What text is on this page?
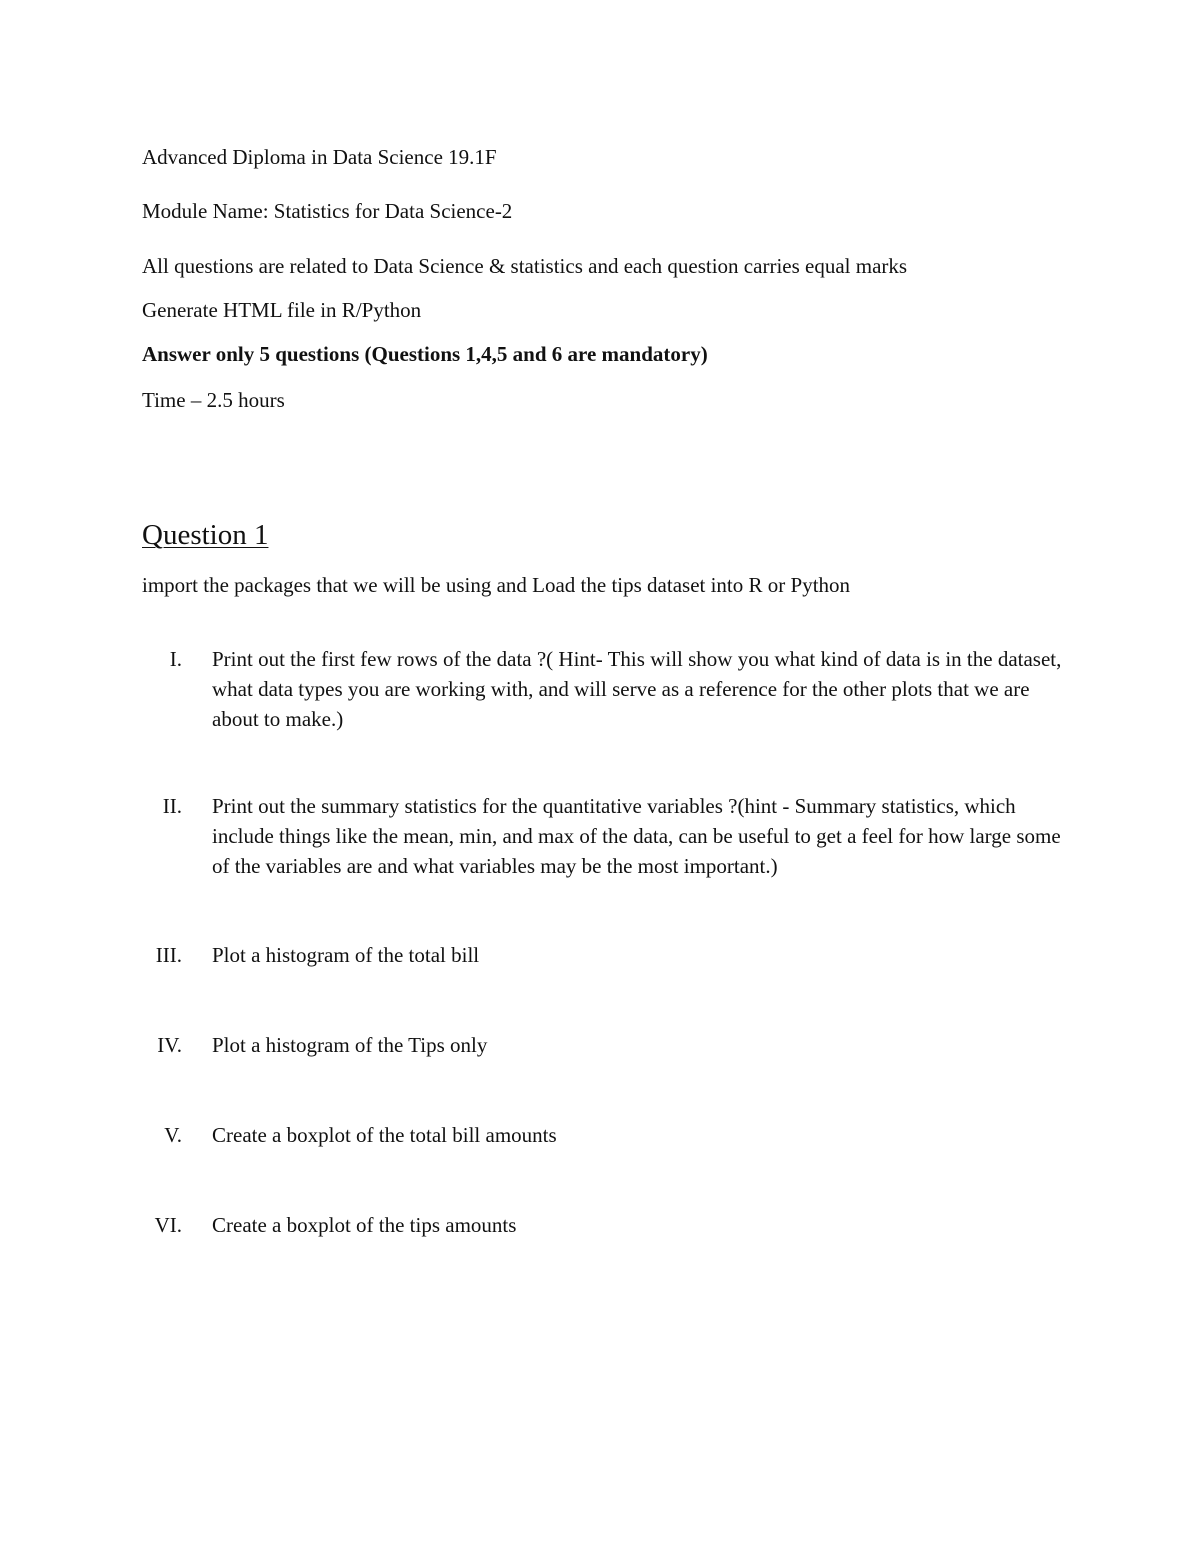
Advanced Diploma in Data Science 19.1F
Module Name: Statistics for Data Science-2
All questions are related to Data Science & statistics and each question carries equal marks
Generate HTML file in R/Python
Answer only 5 questions (Questions 1,4,5 and 6 are mandatory)
Time – 2.5 hours
Question 1
import the packages that we will be using and Load the tips dataset into R or Python
I. Print out the first few rows of the data ?( Hint- This will show you what kind of data is in the dataset, what data types you are working with, and will serve as a reference for the other plots that we are about to make.)
II. Print out the summary statistics for the quantitative variables ?(hint - Summary statistics, which include things like the mean, min, and max of the data, can be useful to get a feel for how large some of the variables are and what variables may be the most important.)
III. Plot a histogram of the total bill
IV. Plot a histogram of the Tips only
V. Create a boxplot of the total bill amounts
VI. Create a boxplot of the tips amounts
